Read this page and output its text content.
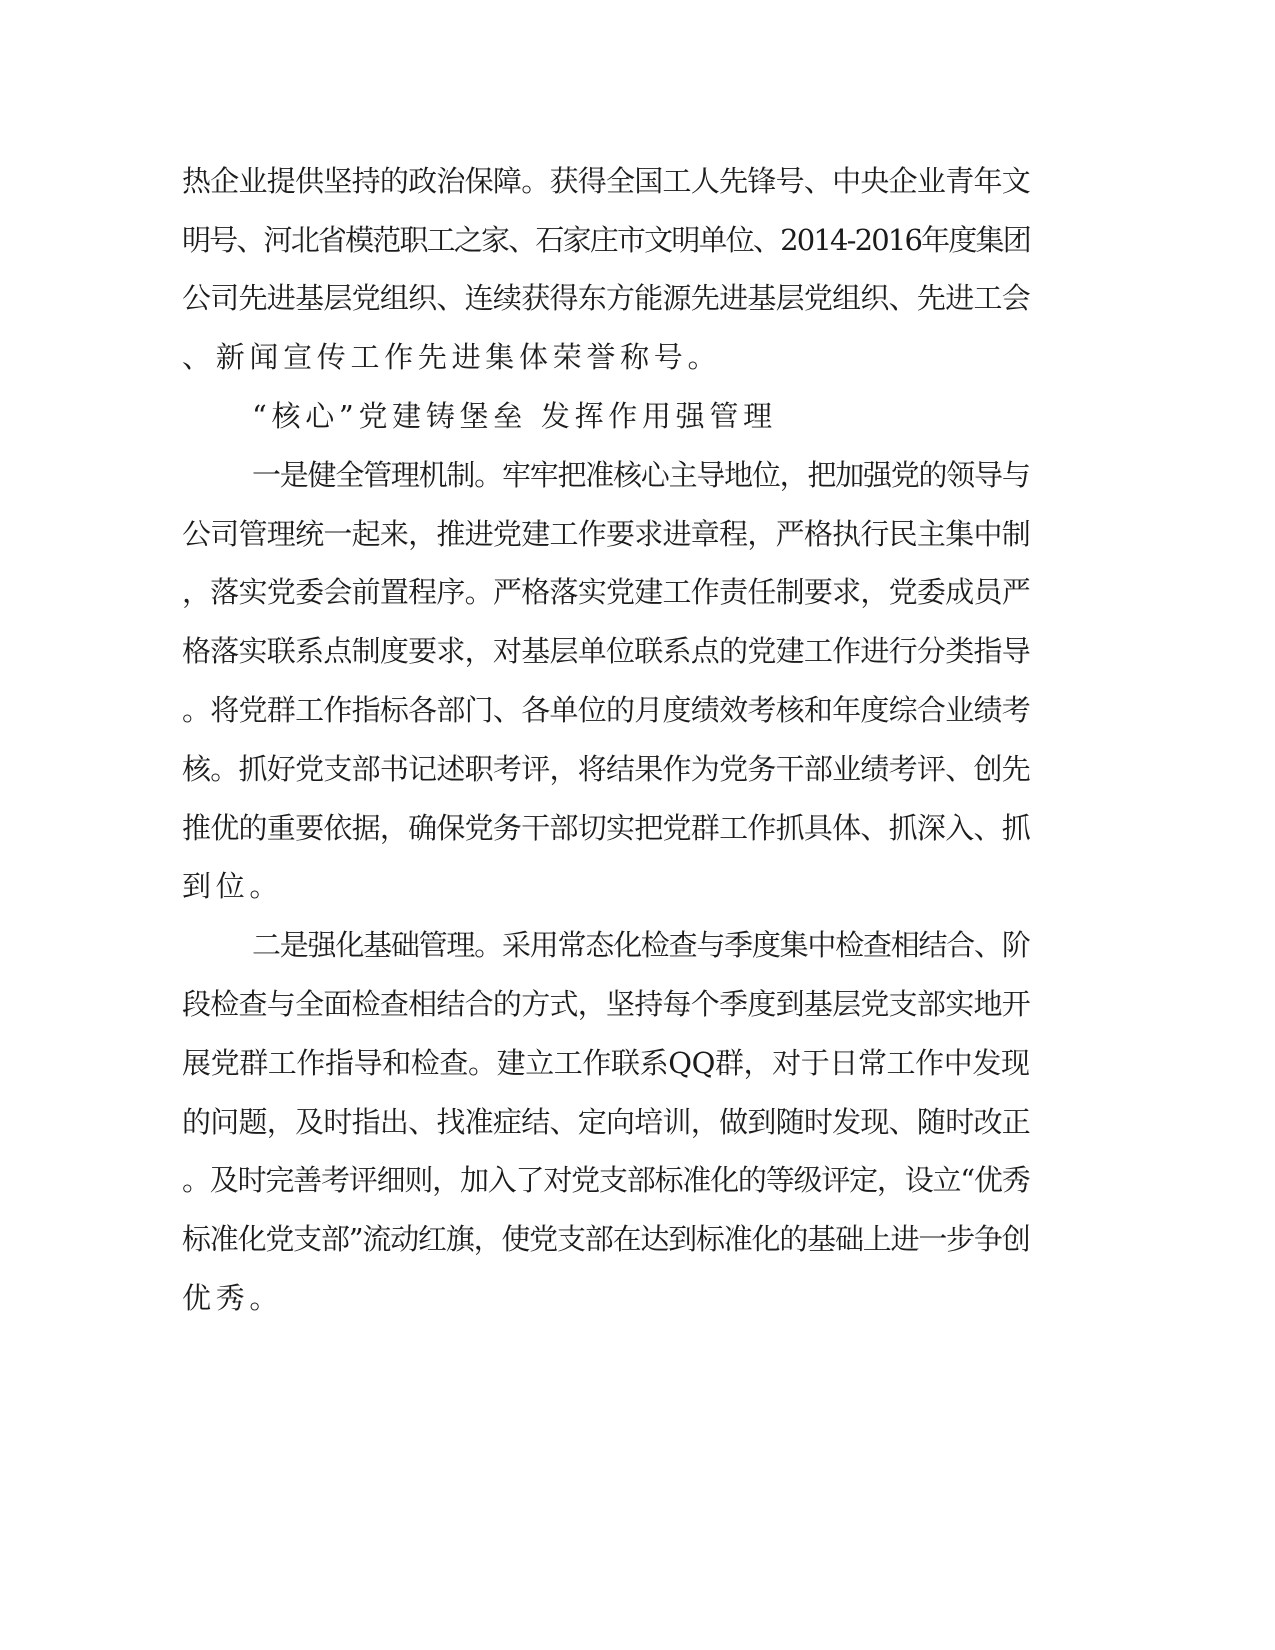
热企业提供坚持的政治保障。获得全国工人先锋号、中央企业青年文
明号、河北省模范职工之家、石家庄市文明单位、2014-2016年度集团
公司先进基层党组织、连续获得东方能源先进基层党组织、先进工会
、新闻宣传工作先进集体荣誉称号。
“核心”党建铸堡垒 发挥作用强管理
一是健全管理机制。牢牢把准核心主导地位，把加强党的领导与
公司管理统一起来，推进党建工作要求进章程，严格执行民主集中制
，落实党委会前置程序。严格落实党建工作责任制要求，党委成员严
格落实联系点制度要求，对基层单位联系点的党建工作进行分类指导
。将党群工作指标各部门、各单位的月度绩效考核和年度综合业绩考
核。抓好党支部书记述职考评，将结果作为党务干部业绩考评、创先
推优的重要依据，确保党务干部切实把党群工作抓具体、抓深入、抓
到位。
二是强化基础管理。采用常态化检查与季度集中检查相结合、阶
段检查与全面检查相结合的方式，坚持每个季度到基层党支部实地开
展党群工作指导和检查。建立工作联系QQ群，对于日常工作中发现
的问题，及时指出、找准症结、定向培训，做到随时发现、随时改正
。及时完善考评细则，加入了对党支部标准化的等级评定，设立“优秀
标准化党支部”流动红旗，使党支部在达到标准化的基础上进一步争创
优秀。
